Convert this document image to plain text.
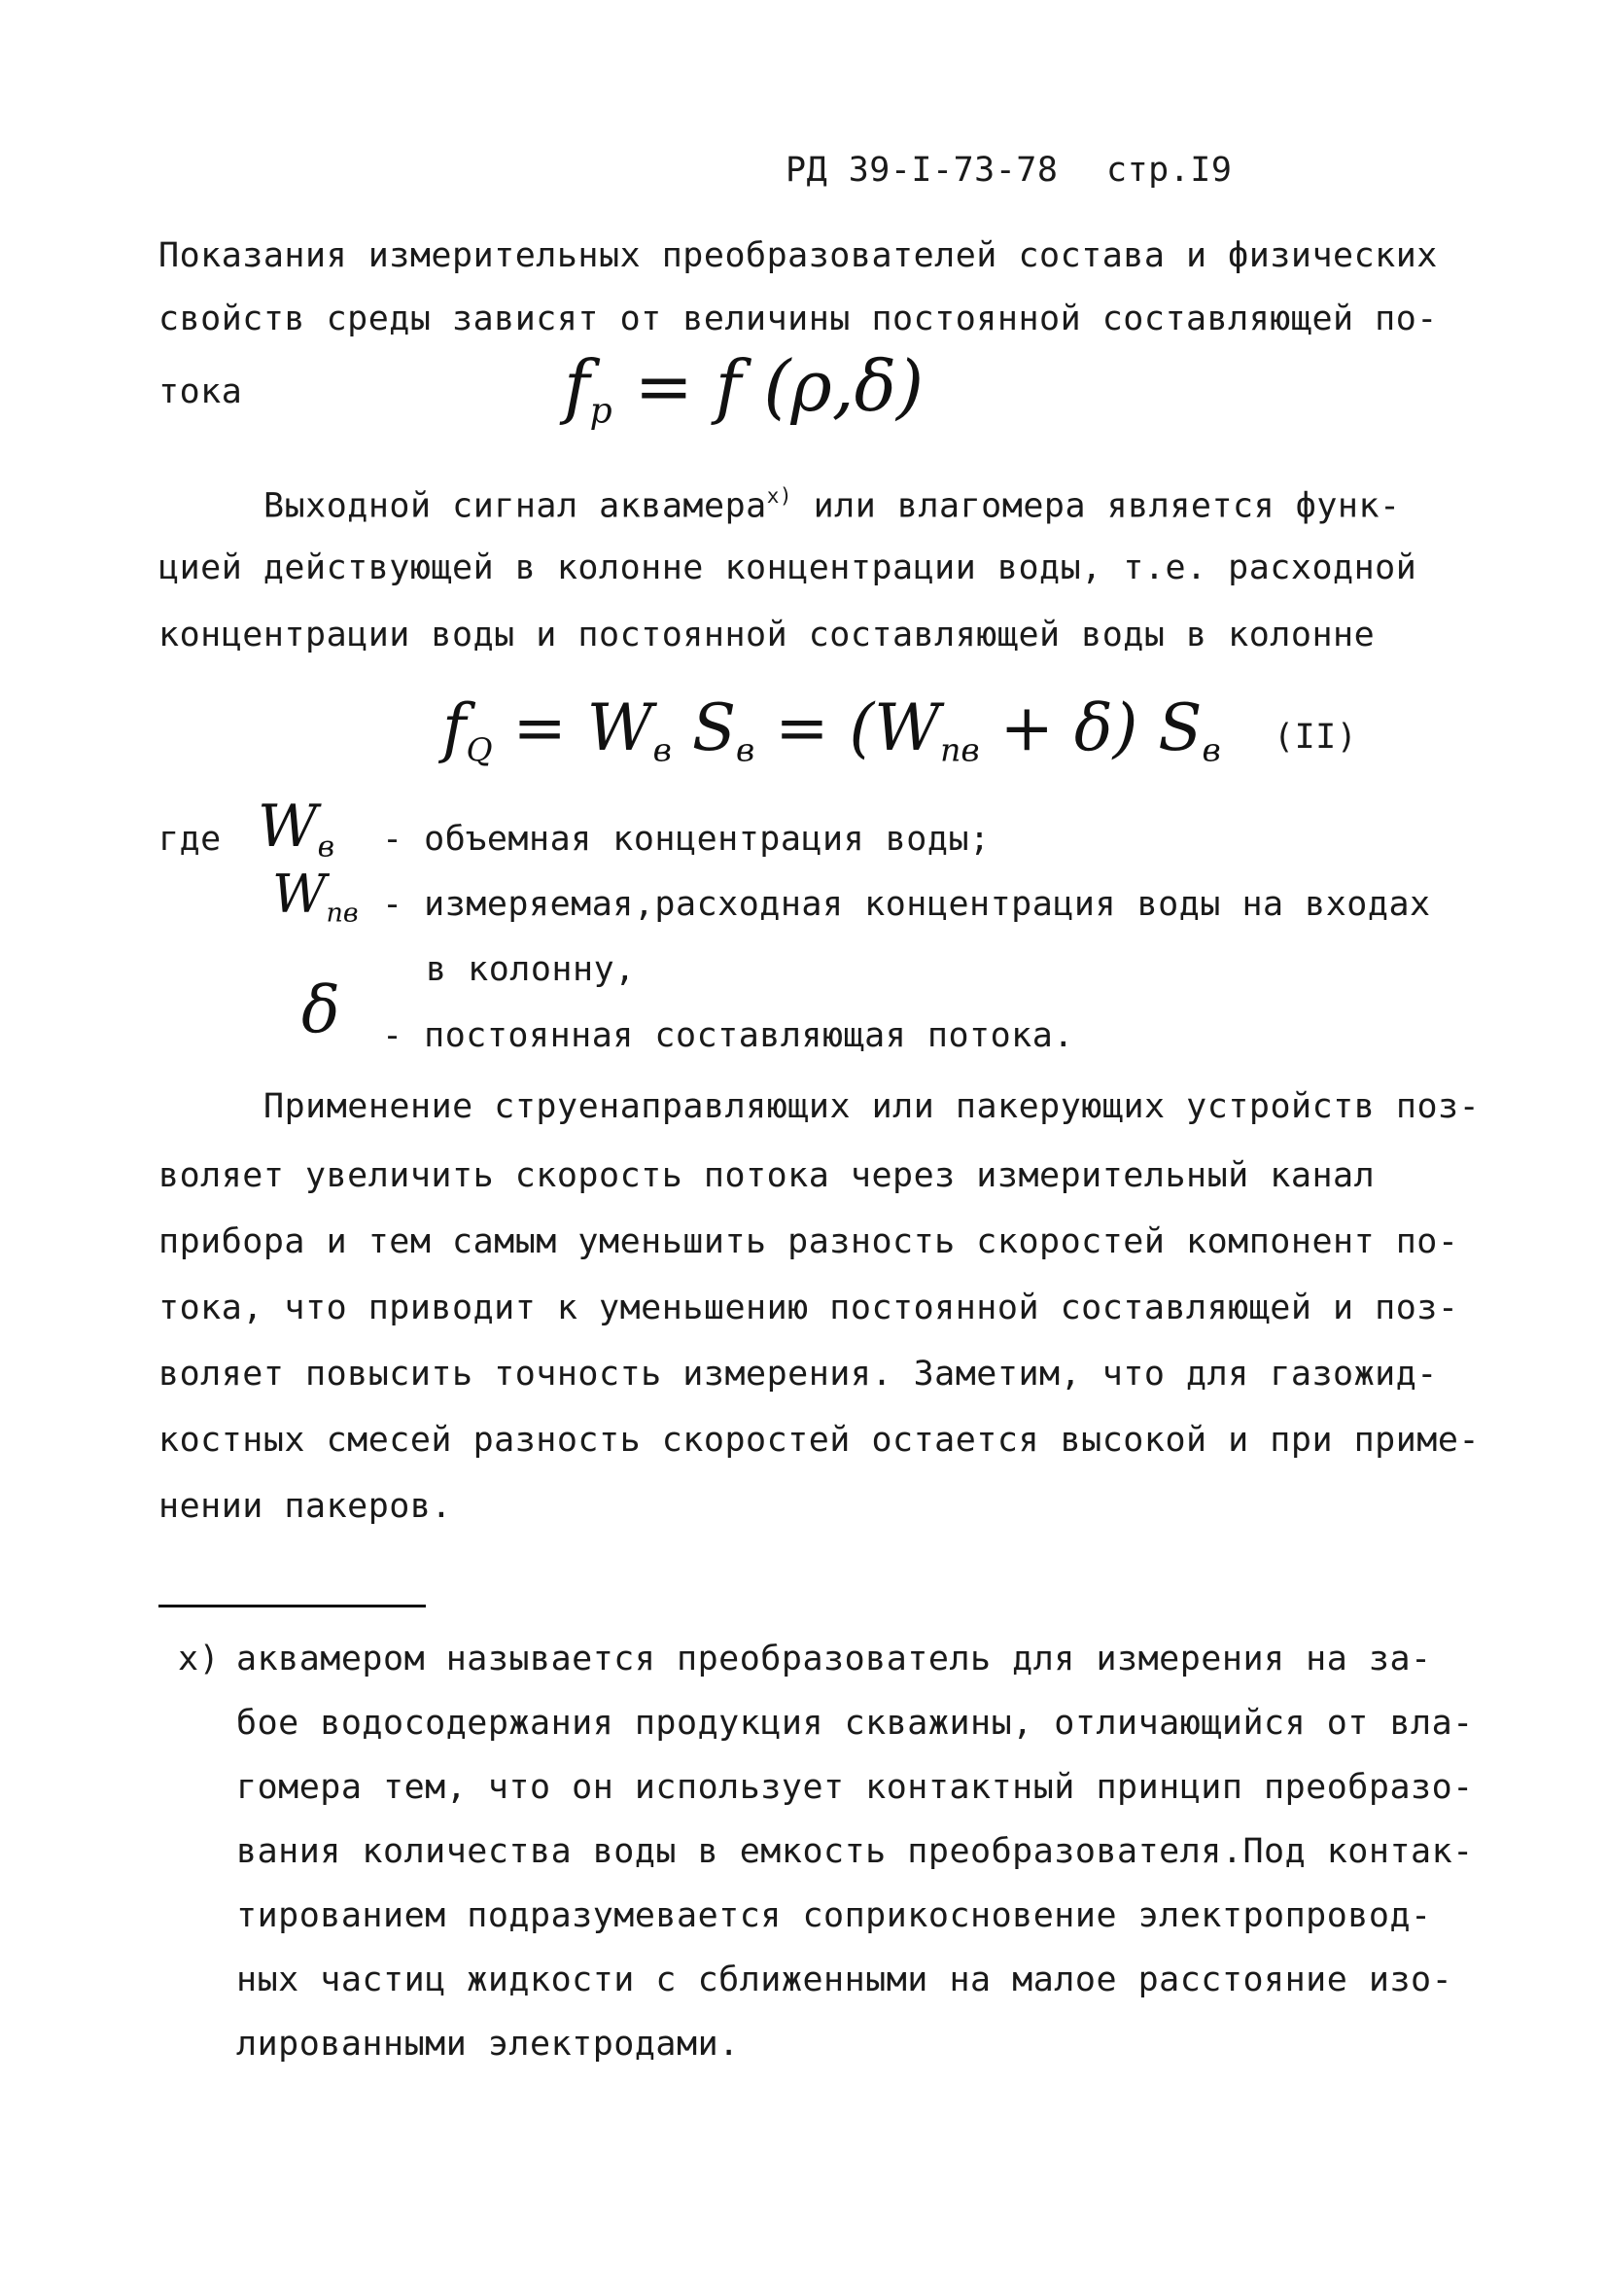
РД 39-I-73-78 стр.I9
Показания измерительных преобразователей состава и физических
свойств среды зависят от величины постоянной составляющей по-
тока	$f_р = f$ (ρ,δ)
Выходной сигнал аквамера$^{x)}$ или влагомера является функ-
цией действующей в колонне концентрации воды, т.е. расходной
концентрации воды и постоянной составляющей воды в колонне
$f_Q = W_в$ $S_в = (W_{пв} + \delta)$ $S_в$ (II)
где $W_в$ - объемная концентрация воды;
$W_{пв}$ - измеряемая,расходная концентрация воды на входах
в колонну,
δ - постоянная составляющая потока.
Применение струенаправляющих или пакерующих устройств поз-
воляет увеличить скорость потока через измерительный канал
прибора и тем самым уменьшить разность скоростей компонент по-
тока, что приводит к уменьшению постоянной составляющей и поз-
воляет повысить точность измерения. Заметим, что для газожид-
костных смесей разность скоростей остается высокой и при приме-
нении пакеров.
x) аквамером называется преобразователь для измерения на за-
бое водосодержания продукция скважины, отличающийся от вла-
гомера тем, что он использует контактный принцип преобразо-
вания количества воды в емкость преобразователя.Под контак-
тированием подразумевается соприкосновение электропровод-
ных частиц жидкости с сближенными на малое расстояние изо-
лированными электродами.
